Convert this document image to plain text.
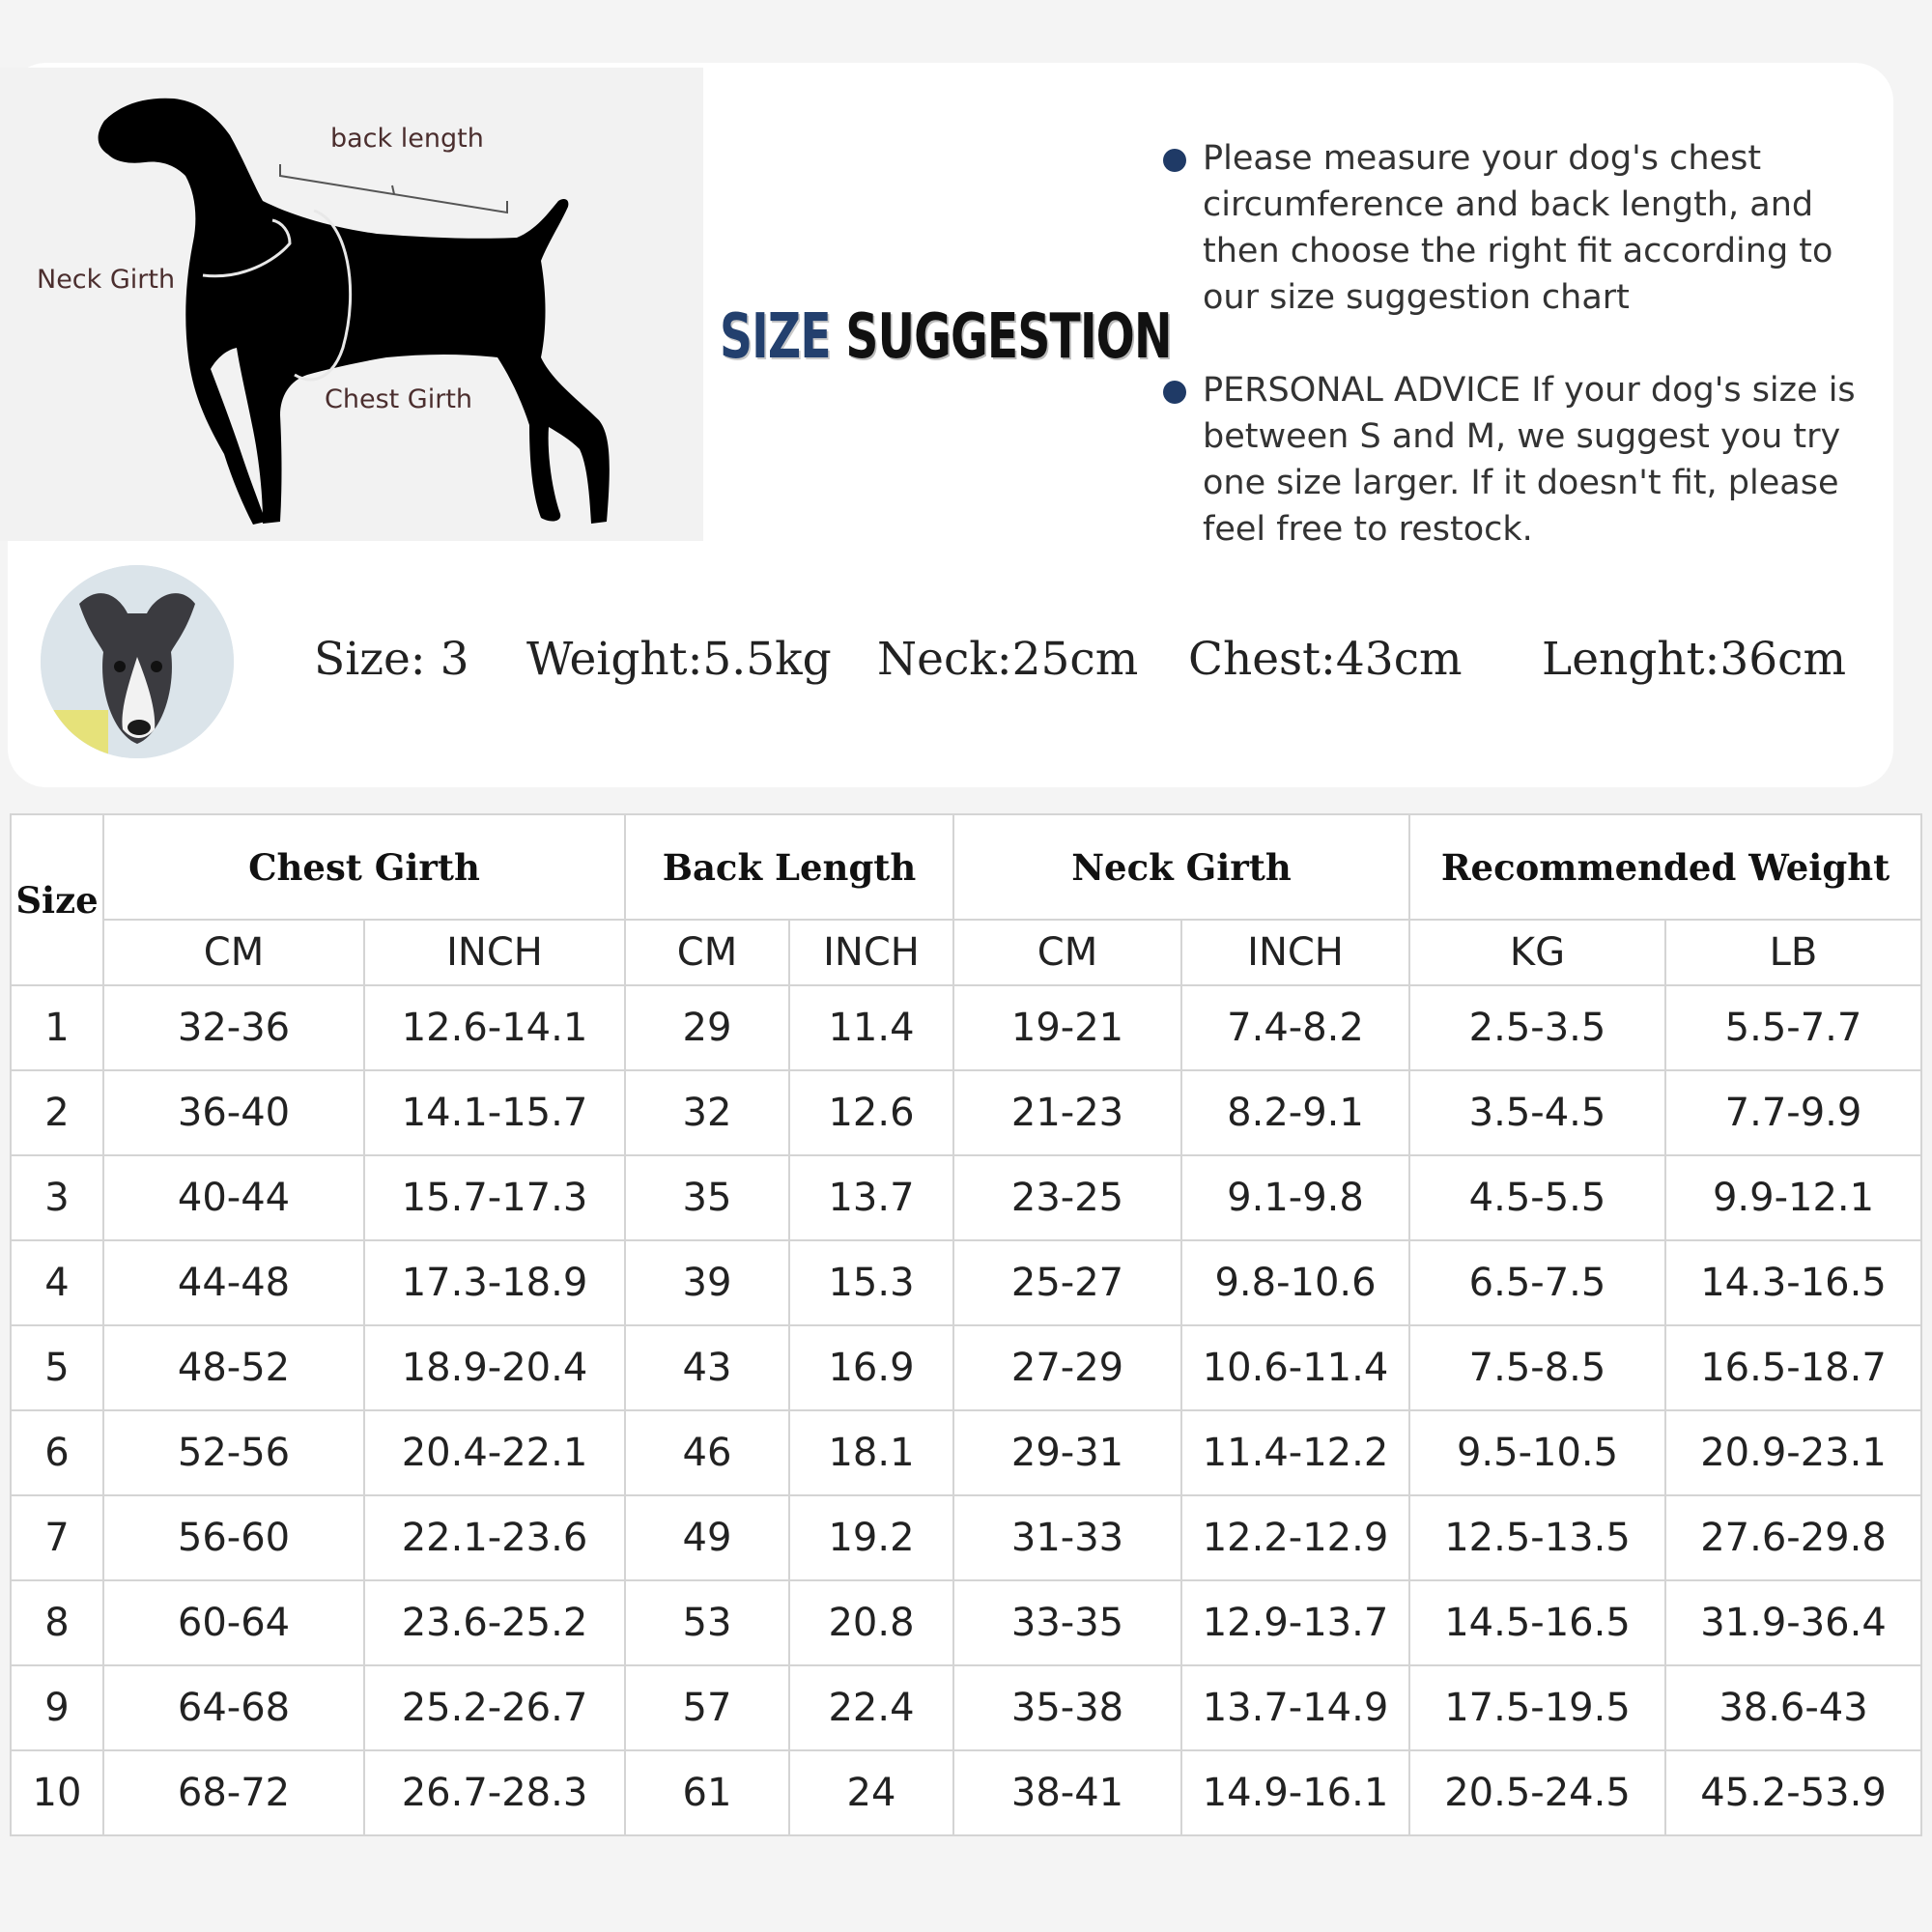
back length
Neck Girth
Chest Girth
SIZE SUGGESTION
Please measure your dog's chest circumference and back length, and then choose the right fit according to our size suggestion chart
PERSONAL ADVICE If your dog's size is between S and M, we suggest you try one size larger. If it doesn't fit, please feel free to restock.
Size: 3 Weight:5.5kg Neck:25cm Chest:43cm Lenght:36cm
Size	Chest Girth		Back Length		Neck Girth		Recommended Weight	
	CM	INCH	CM	INCH	CM	INCH	KG	LB
1	32-36	12.6-14.1	29	11.4	19-21	7.4-8.2	2.5-3.5	5.5-7.7
2	36-40	14.1-15.7	32	12.6	21-23	8.2-9.1	3.5-4.5	7.7-9.9
3	40-44	15.7-17.3	35	13.7	23-25	9.1-9.8	4.5-5.5	9.9-12.1
4	44-48	17.3-18.9	39	15.3	25-27	9.8-10.6	6.5-7.5	14.3-16.5
5	48-52	18.9-20.4	43	16.9	27-29	10.6-11.4	7.5-8.5	16.5-18.7
6	52-56	20.4-22.1	46	18.1	29-31	11.4-12.2	9.5-10.5	20.9-23.1
7	56-60	22.1-23.6	49	19.2	31-33	12.2-12.9	12.5-13.5	27.6-29.8
8	60-64	23.6-25.2	53	20.8	33-35	12.9-13.7	14.5-16.5	31.9-36.4
9	64-68	25.2-26.7	57	22.4	35-38	13.7-14.9	17.5-19.5	38.6-43
10	68-72	26.7-28.3	61	24	38-41	14.9-16.1	20.5-24.5	45.2-53.9
